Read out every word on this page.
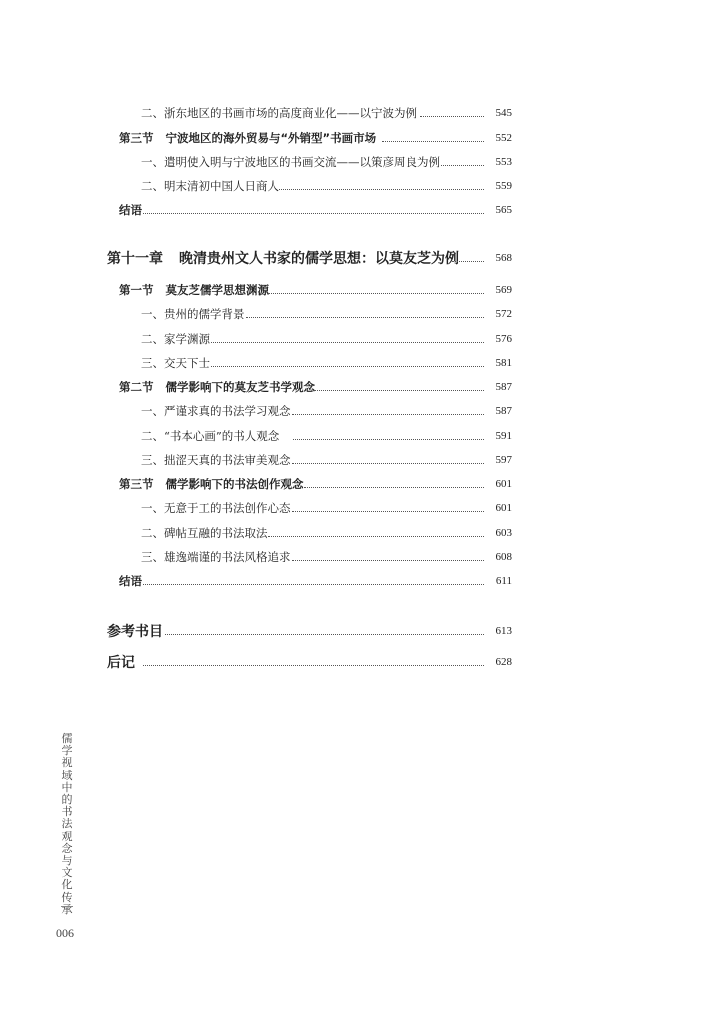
二、浙东地区的书画市场的高度商业化——以宁波为例	545
第三节 宁波地区的海外贸易与“外销型”书画市场	552
一、遣明使入明与宁波地区的书画交流——以策彦周良为例	553
二、明末清初中国人日商人	559
结语	565
第十一章 晚清贵州文人书家的儒学思想：以莫友芝为例	568
第一节 莫友芝儒学思想渊源	569
一、贵州的儒学背景	572
二、家学渊源	576
三、交天下士	581
第二节 儒学影响下的莫友芝书学观念	587
一、严谨求真的书法学习观念	587
二、“书本心画”的书人观念	591
三、拙涩天真的书法审美观念	597
第三节 儒学影响下的书法创作观念	601
一、无意于工的书法创作心态	601
二、碑帖互融的书法取法	603
三、雄逸端谨的书法风格追求	608
结语	611
参考书目	613
后记	628
儒学视域中的书法观念与文化传承
006
